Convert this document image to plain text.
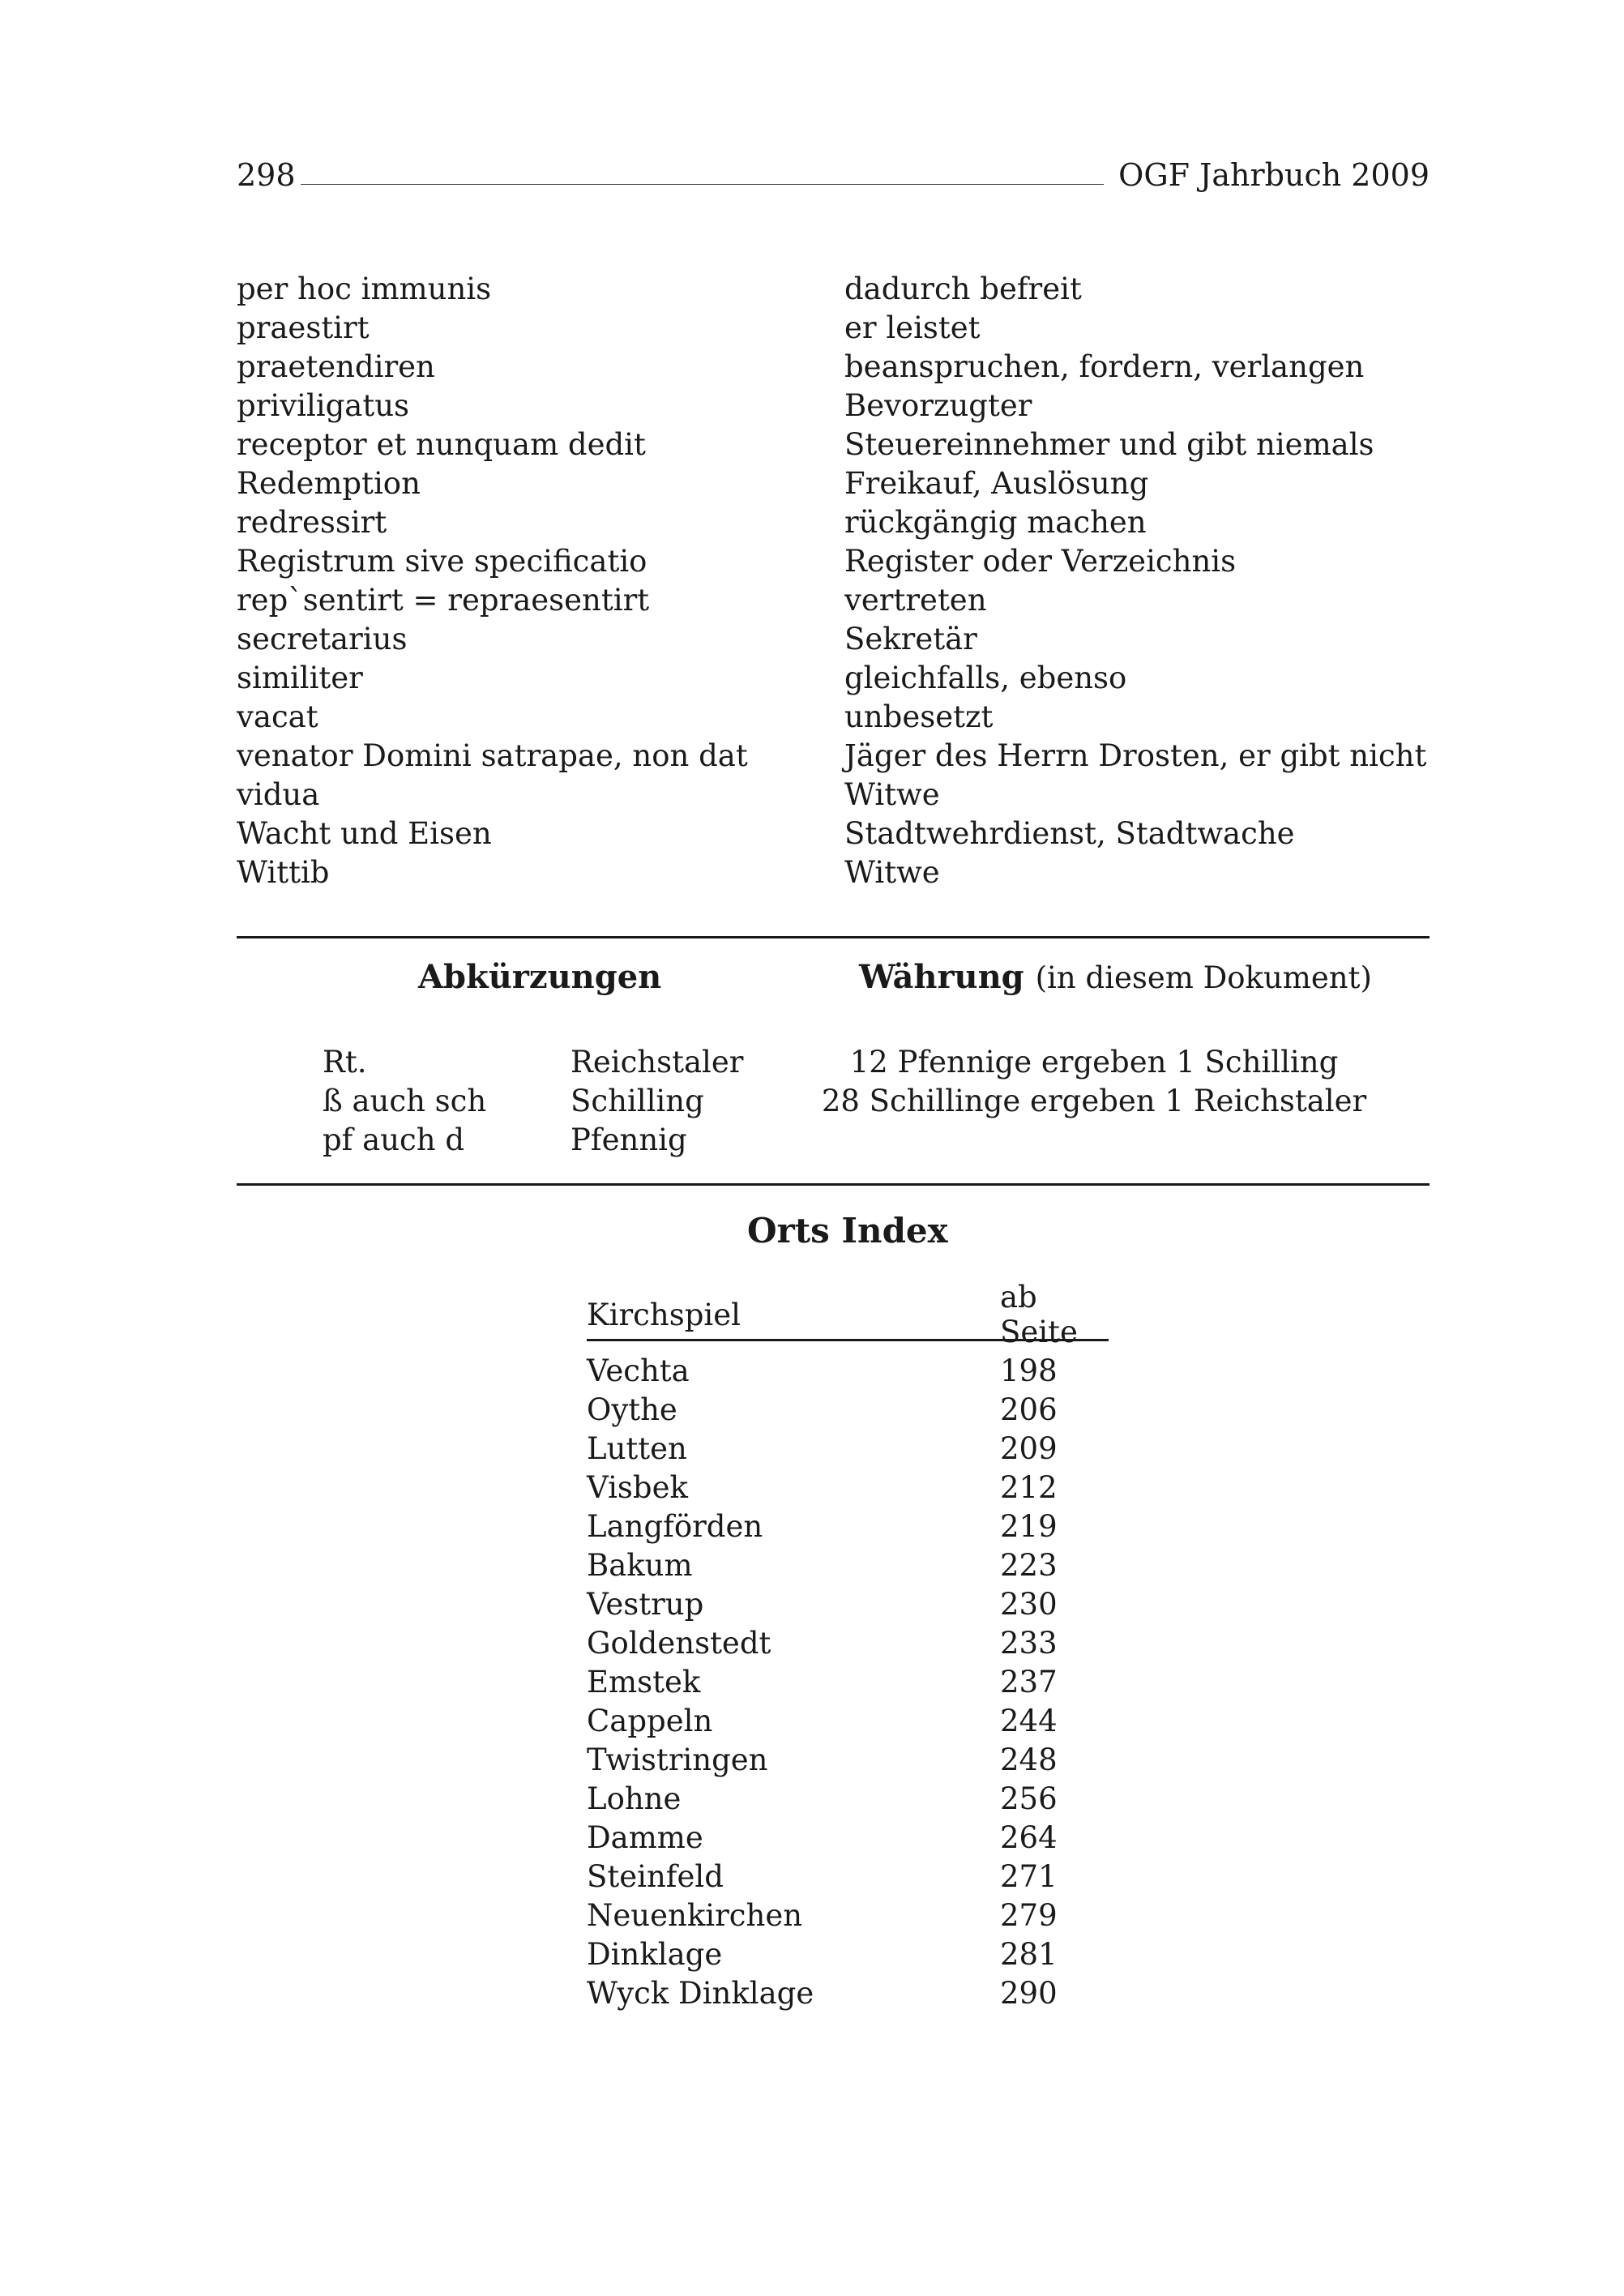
298	OGF Jahrbuch 2009
per hoc immunis	dadurch befreit
praestirt	er leistet
praetendiren	beanspruchen, fordern, verlangen
priviligatus	Bevorzugter
receptor et nunquam dedit	Steuereinnehmer und gibt niemals
Redemption	Freikauf, Auslösung
redressirt	rückgängig machen
Registrum sive specificatio	Register oder Verzeichnis
rep`sentirt = repraesentirt	vertreten
secretarius	Sekretär
similiter	gleichfalls, ebenso
vacat	unbesetzt
venator Domini satrapae, non dat	Jäger des Herrn Drosten, er gibt nicht
vidua	Witwe
Wacht und Eisen	Stadtwehrdienst, Stadtwache
Wittib	Witwe
Abkürzungen	Währung (in diesem Dokument)
Rt.	Reichstaler
ß auch sch	Schilling
pf auch d	Pfennig
12 Pfennige ergeben 1 Schilling
28 Schillinge ergeben 1 Reichstaler
Orts Index
Kirchspiel	ab Seite
Vechta	198
Oythe	206
Lutten	209
Visbek	212
Langförden	219
Bakum	223
Vestrup	230
Goldenstedt	233
Emstek	237
Cappeln	244
Twistringen	248
Lohne	256
Damme	264
Steinfeld	271
Neuenkirchen	279
Dinklage	281
Wyck Dinklage	290
